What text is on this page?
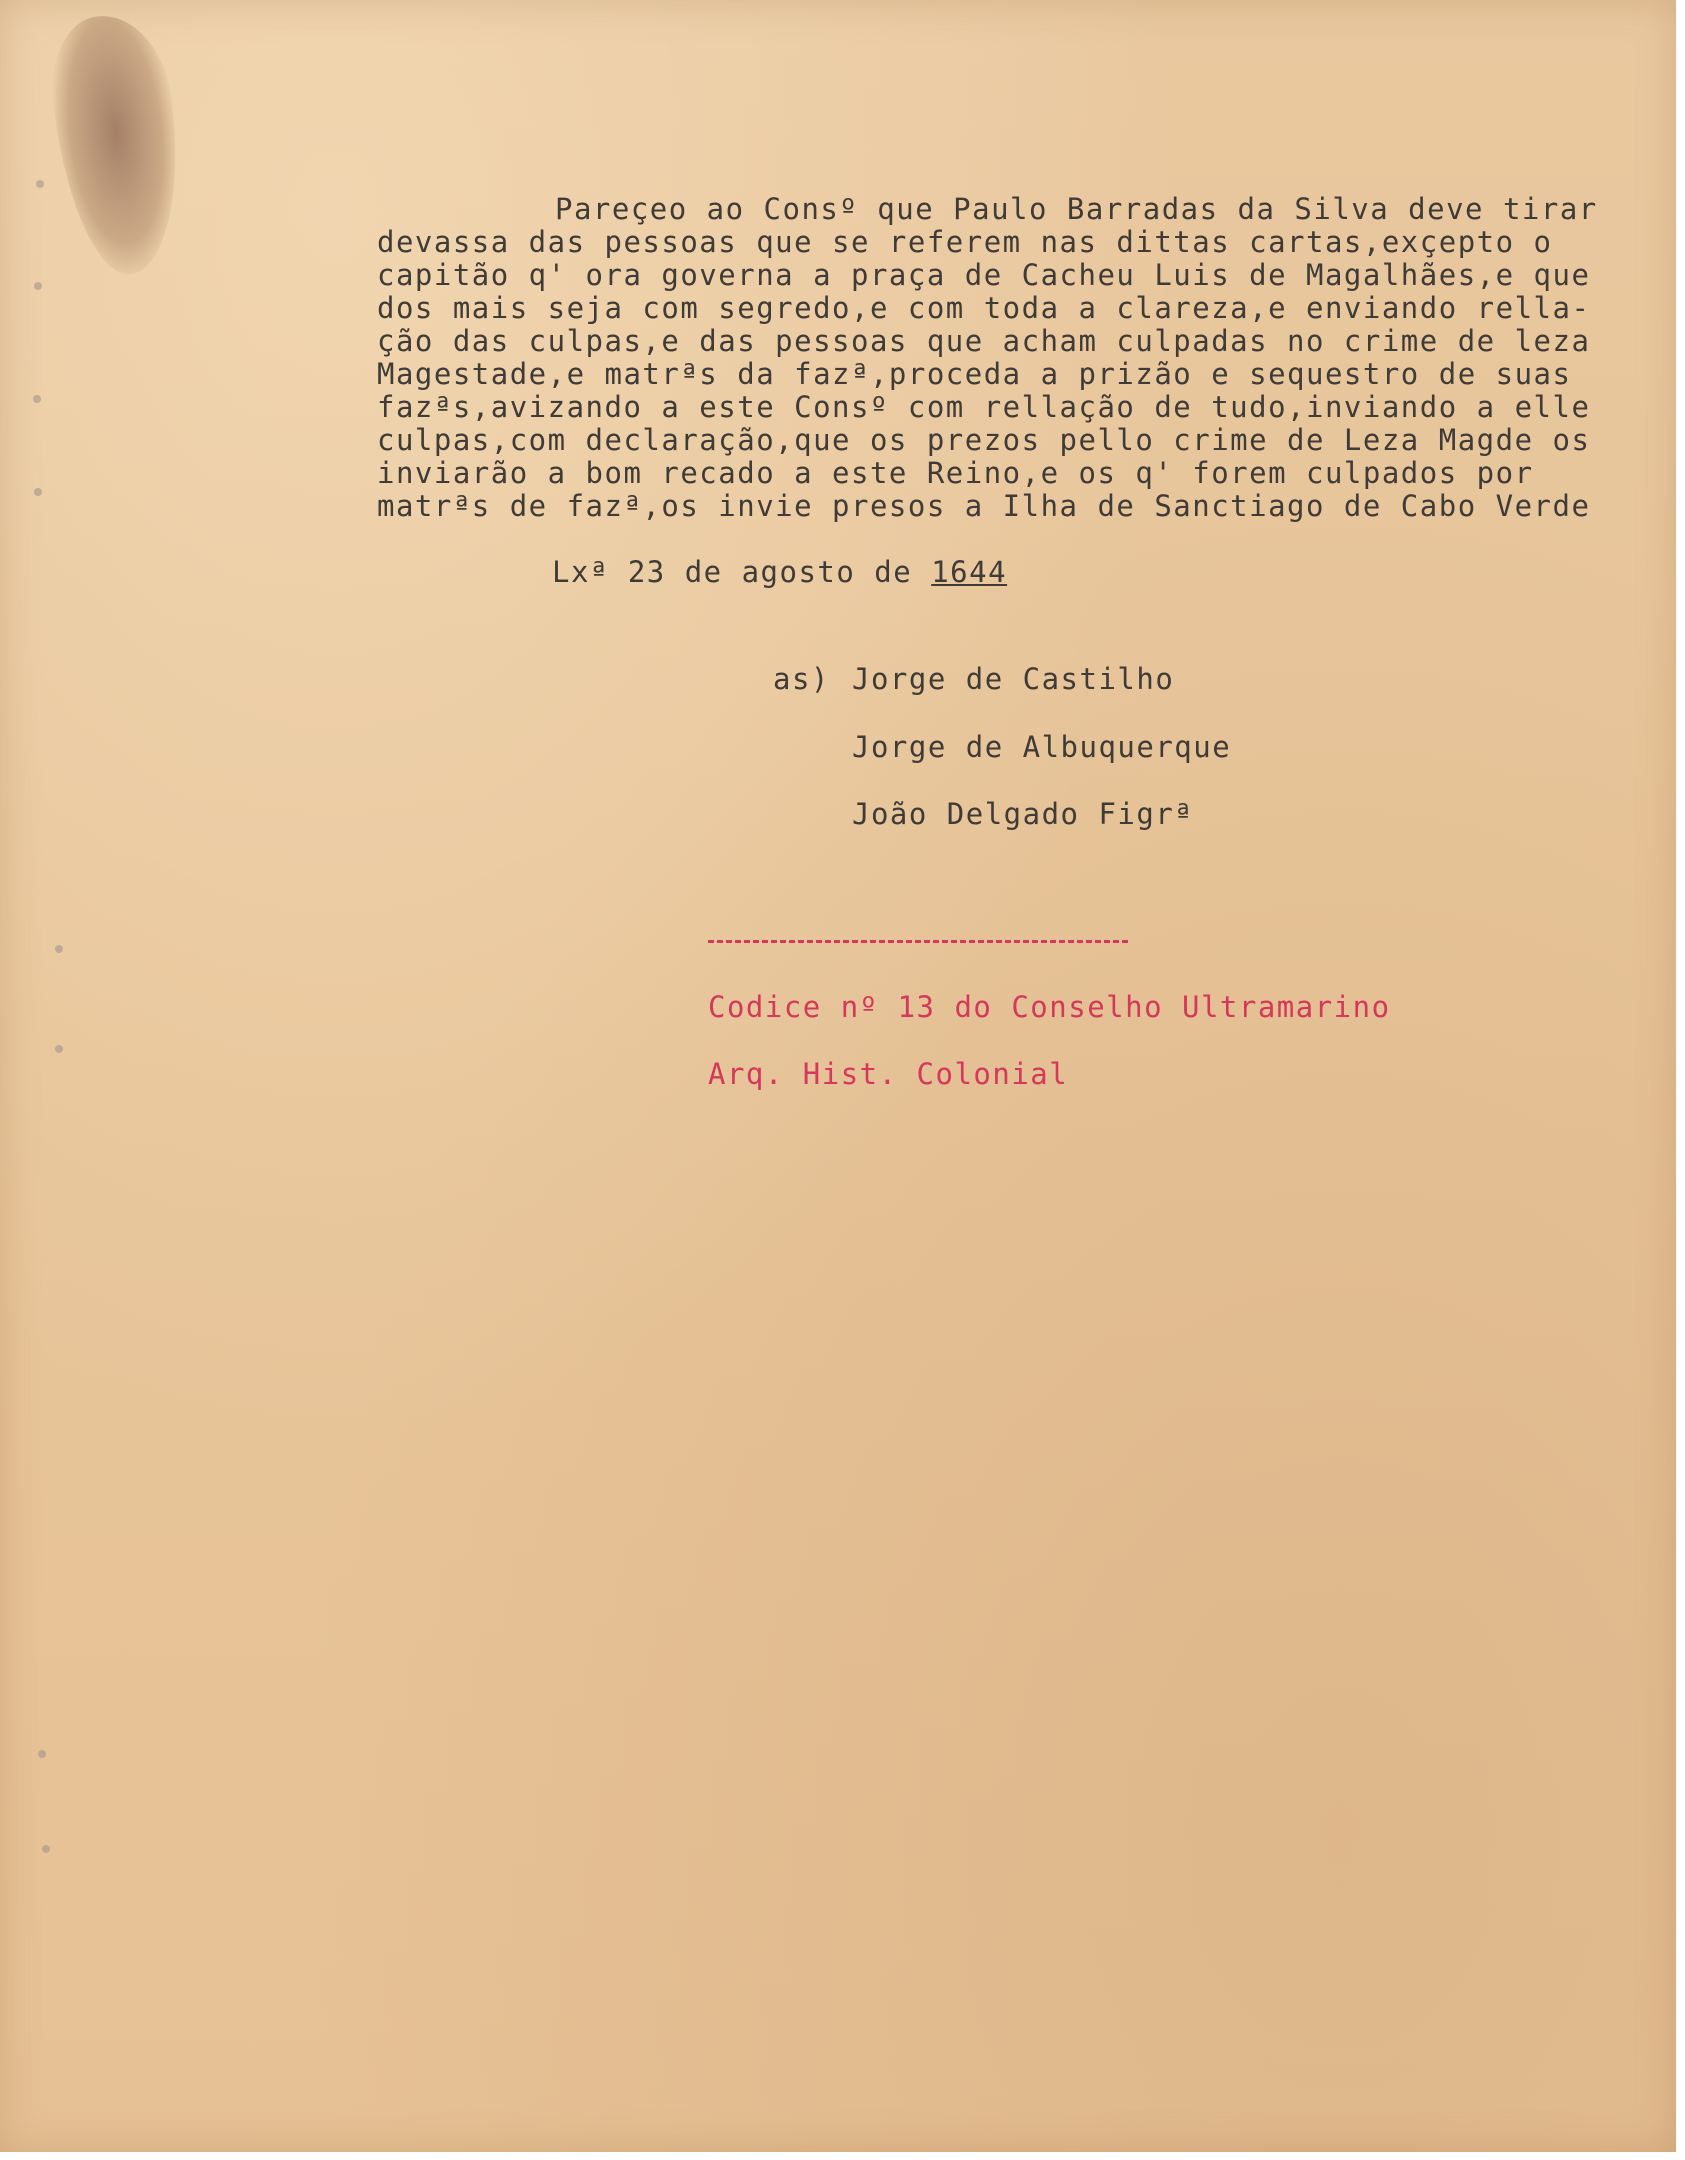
Pareçeo ao Consº que Paulo Barradas da Silva deve tirar
devassa das pessoas que se referem nas dittas cartas,exçepto o
capitão q' ora governa a praça de Cacheu Luis de Magalhães,e que
dos mais seja com segredo,e com toda a clareza,e enviando rella-
ção das culpas,e das pessoas que acham culpadas no crime de leza
Magestade,e matrªs da fazª,proceda a prizão e sequestro de suas
fazªs,avizando a este Consº com rellação de tudo,inviando a elle
culpas,com declaração,que os prezos pello crime de Leza Magde os
inviarão a bom recado a este Reino,e os q' forem culpados por
matrªs de fazª,os invie presos a Ilha de Sanctiago de Cabo Verde
Lxª 23 de agosto de 1644
as) Jorge de Castilho
Jorge de Albuquerque
João Delgado Figrª
Codice nº 13 do Conselho Ultramarino
Arq. Hist. Colonial
